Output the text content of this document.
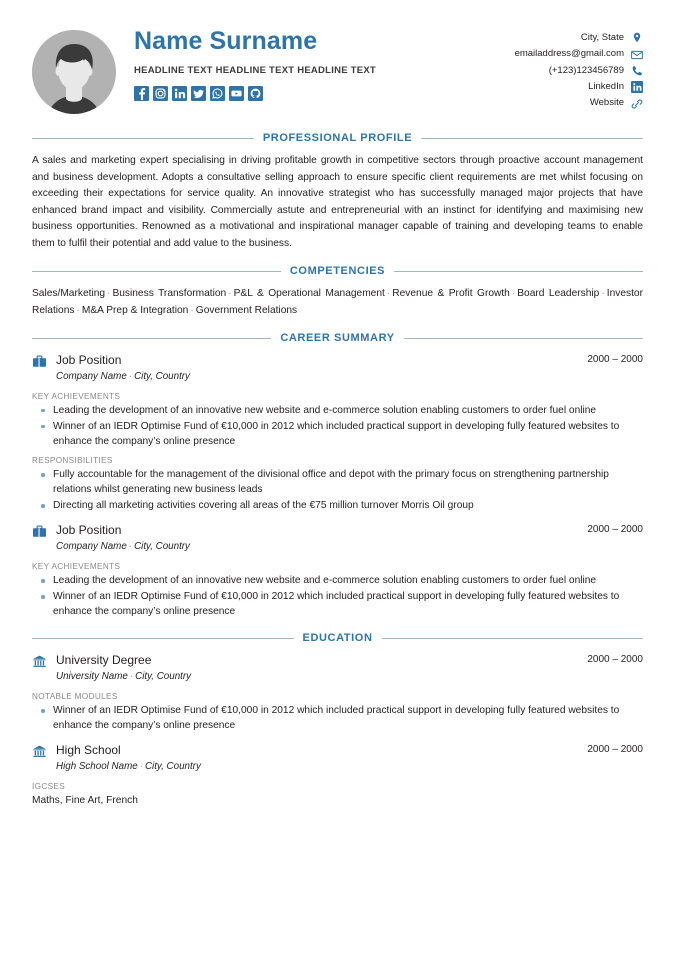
Name Surname
HEADLINE TEXT HEADLINE TEXT HEADLINE TEXT
City, State
emailaddress@gmail.com
(+123)123456789
LinkedIn
Website
PROFESSIONAL PROFILE

A sales and marketing expert specialising in driving profitable growth in competitive sectors through proactive account management and business development. Adopts a consultative selling approach to ensure specific client requirements are met whilst focusing on exceeding their expectations for service quality. An innovative strategist who has successfully managed major projects that have enhanced brand impact and visibility. Commercially astute and entrepreneurial with an instinct for identifying and maximising new business opportunities. Renowned as a motivational and inspirational manager capable of training and developing teams to enable them to fulfil their potential and add value to the business.

COMPETENCIES

Sales/Marketing · Business Transformation · P&L & Operational Management · Revenue & Profit Growth · Board Leadership · Investor Relations · M&A Prep & Integration · Government Relations

CAREER SUMMARY
Job Position	2000 – 2000
Company Name · City, Country
KEY ACHIEVEMENTS
Leading the development of an innovative new website and e-commerce solution enabling customers to order fuel online
Winner of an IEDR Optimise Fund of €10,000 in 2012 which included practical support in developing fully featured websites to enhance the company’s online presence
RESPONSIBILITIES
Fully accountable for the management of the divisional office and depot with the primary focus on strengthening partnership relations whilst generating new business leads
Directing all marketing activities covering all areas of the €75 million turnover Morris Oil group
Job Position	2000 – 2000
Company Name · City, Country
KEY ACHIEVEMENTS
Leading the development of an innovative new website and e-commerce solution enabling customers to order fuel online
Winner of an IEDR Optimise Fund of €10,000 in 2012 which included practical support in developing fully featured websites to enhance the company’s online presence
EDUCATION
University Degree	2000 – 2000
University Name · City, Country
NOTABLE MODULES
Winner of an IEDR Optimise Fund of €10,000 in 2012 which included practical support in developing fully featured websites to enhance the company’s online presence
High School	2000 – 2000
High School Name · City, Country
IGCSES

Maths, Fine Art, French
